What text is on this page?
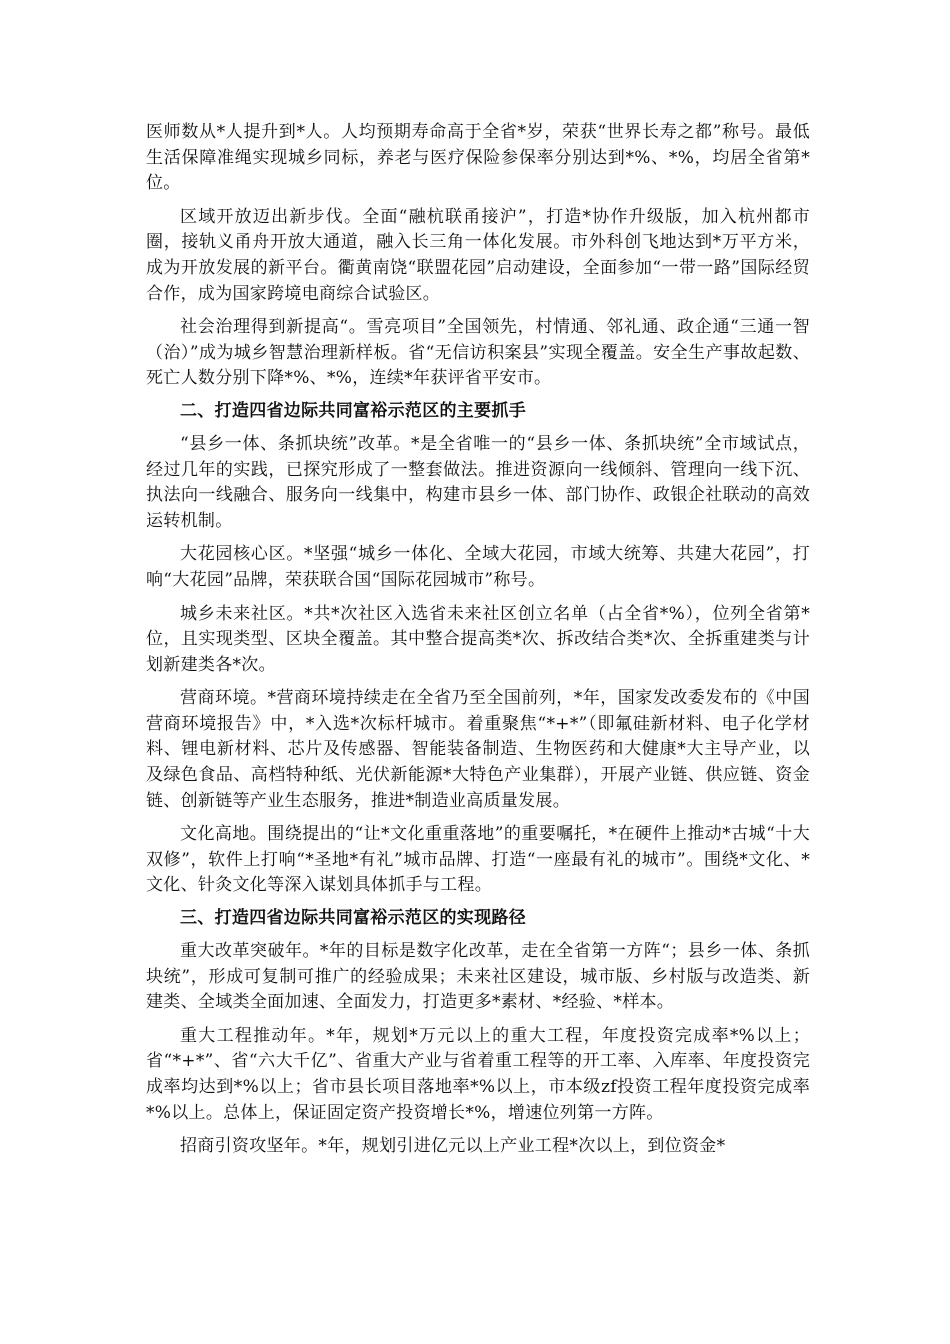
医师数从*人提升到*人。人均预期寿命高于全省*岁，荣获“世界长寿之都”称号。最低生活保障准绳实现城乡同标，养老与医疗保险参保率分别达到*%、*%，均居全省第*位。

区域开放迈出新步伐。全面“融杭联甬接沪”，打造*协作升级版，加入杭州都市圈，接轨义甬舟开放大通道，融入长三角一体化发展。市外科创飞地达到*万平方米，成为开放发展的新平台。衢黄南饶“联盟花园”启动建设，全面参加“一带一路”国际经贸合作，成为国家跨境电商综合试验区。

社会治理得到新提高“。雪亮项目”全国领先，村情通、邻礼通、政企通“三通一智（治）”成为城乡智慧治理新样板。省“无信访积案县”实现全覆盖。安全生产事故起数、死亡人数分别下降*%、*%，连续*年获评省平安市。

二、打造四省边际共同富裕示范区的主要抓手

“县乡一体、条抓块统”改革。*是全省唯一的“县乡一体、条抓块统”全市域试点，经过几年的实践，已探究形成了一整套做法。推进资源向一线倾斜、管理向一线下沉、执法向一线融合、服务向一线集中，构建市县乡一体、部门协作、政银企社联动的高效运转机制。

大花园核心区。*坚强“城乡一体化、全域大花园，市域大统筹、共建大花园”，打响“大花园”品牌，荣获联合国“国际花园城市”称号。

城乡未来社区。*共*次社区入选省未来社区创立名单（占全省*%），位列全省第*位，且实现类型、区块全覆盖。其中整合提高类*次、拆改结合类*次、全拆重建类与计划新建类各*次。

营商环境。*营商环境持续走在全省乃至全国前列，*年，国家发改委发布的《中国营商环境报告》中，*入选*次标杆城市。着重聚焦“*+*”（即氟硅新材料、电子化学材料、锂电新材料、芯片及传感器、智能装备制造、生物医药和大健康*大主导产业，以及绿色食品、高档特种纸、光伏新能源*大特色产业集群），开展产业链、供应链、资金链、创新链等产业生态服务，推进*制造业高质量发展。

文化高地。围绕提出的“让*文化重重落地”的重要嘱托，*在硬件上推动*古城“十大双修”，软件上打响“*圣地*有礼”城市品牌、打造“一座最有礼的城市”。围绕*文化、*文化、针灸文化等深入谋划具体抓手与工程。

三、打造四省边际共同富裕示范区的实现路径

重大改革突破年。*年的目标是数字化改革，走在全省第一方阵“；县乡一体、条抓块统”，形成可复制可推广的经验成果；未来社区建设，城市版、乡村版与改造类、新建类、全域类全面加速、全面发力，打造更多*素材、*经验、*样本。

重大工程推动年。*年，规划*万元以上的重大工程，年度投资完成率*%以上；省“*+*”、省“六大千亿”、省重大产业与省着重工程等的开工率、入库率、年度投资完成率均达到*%以上；省市县长项目落地率*%以上，市本级zf投资工程年度投资完成率*%以上。总体上，保证固定资产投资增长*%，增速位列第一方阵。

招商引资攻坚年。*年，规划引进亿元以上产业工程*次以上，到位资金*
